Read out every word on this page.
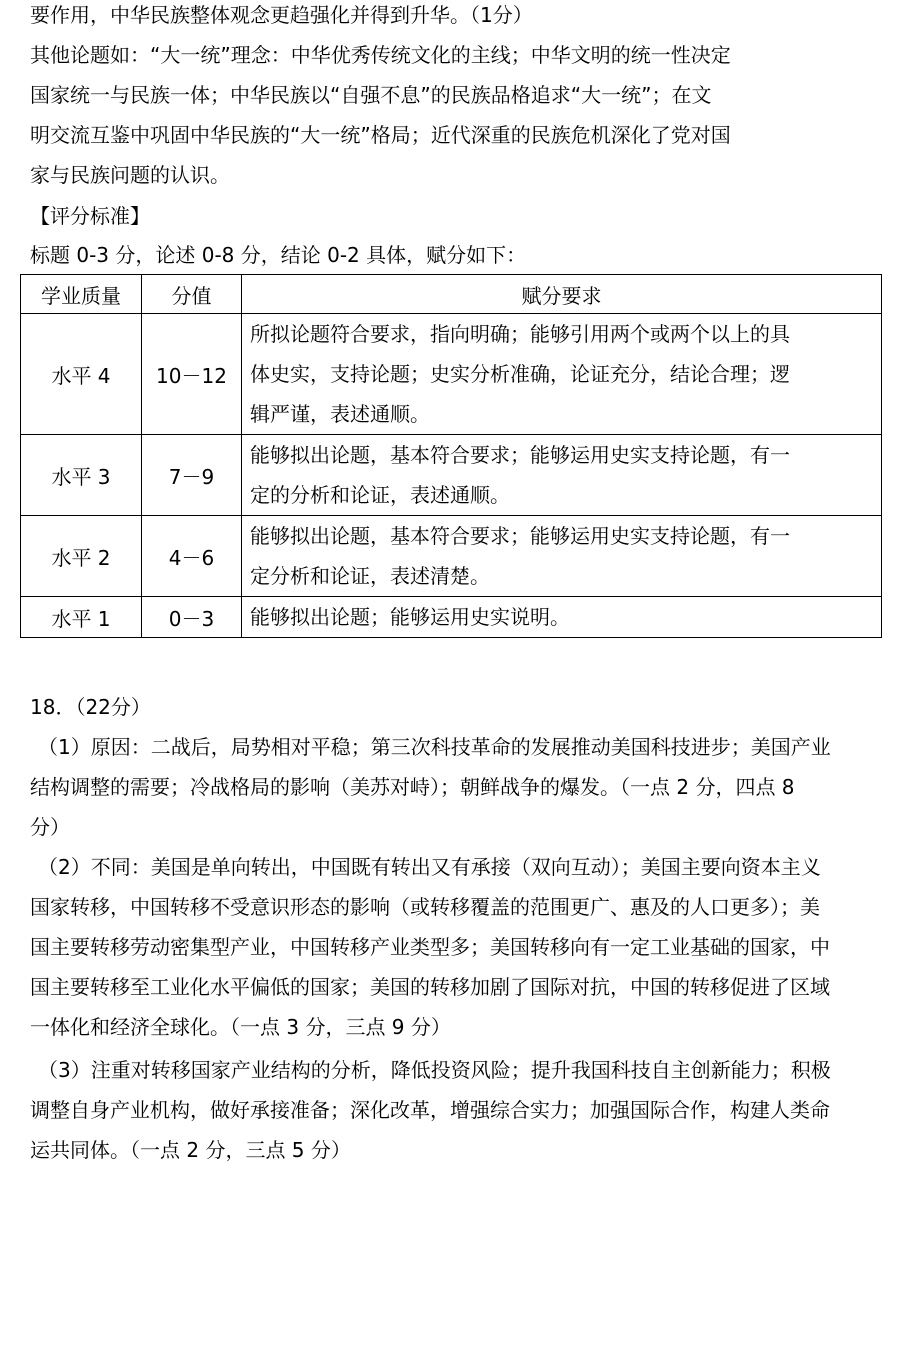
要作用，中华民族整体观念更趋强化并得到升华。（1分）
其他论题如：“大一统”理念：中华优秀传统文化的主线；中华文明的统一性决定
国家统一与民族一体；中华民族以“自强不息”的民族品格追求“大一统”；在文
明交流互鉴中巩固中华民族的“大一统”格局；近代深重的民族危机深化了党对国
家与民族问题的认识。
【评分标准】
标题 0-3 分，论述 0-8 分，结论 0-2 具体，赋分如下：
学业质量	分值	赋分要求
水平 4	10－12	所拟论题符合要求，指向明确；能够引用两个或两个以上的具
体史实，支持论题；史实分析准确，论证充分，结论合理；逻
辑严谨，表述通顺。

水平 3	7－9	能够拟出论题，基本符合要求；能够运用史实支持论题，有一
定的分析和论证，表述通顺。

水平 2	4－6	能够拟出论题，基本符合要求；能够运用史实支持论题，有一
定分析和论证，表述清楚。

水平 1	0－3	能够拟出论题；能够运用史实说明。
18．（22分）
（1）原因：二战后，局势相对平稳；第三次科技革命的发展推动美国科技进步；美国产业
结构调整的需要；冷战格局的影响（美苏对峙）；朝鲜战争的爆发。（一点 2 分，四点 8
分）
（2）不同：美国是单向转出，中国既有转出又有承接（双向互动）；美国主要向资本主义
国家转移，中国转移不受意识形态的影响（或转移覆盖的范围更广、惠及的人口更多）；美
国主要转移劳动密集型产业，中国转移产业类型多；美国转移向有一定工业基础的国家，中
国主要转移至工业化水平偏低的国家；美国的转移加剧了国际对抗，中国的转移促进了区域
一体化和经济全球化。（一点 3 分，三点 9 分）
（3）注重对转移国家产业结构的分析，降低投资风险；提升我国科技自主创新能力；积极
调整自身产业机构，做好承接准备；深化改革，增强综合实力；加强国际合作，构建人类命
运共同体。（一点 2 分，三点 5 分）
